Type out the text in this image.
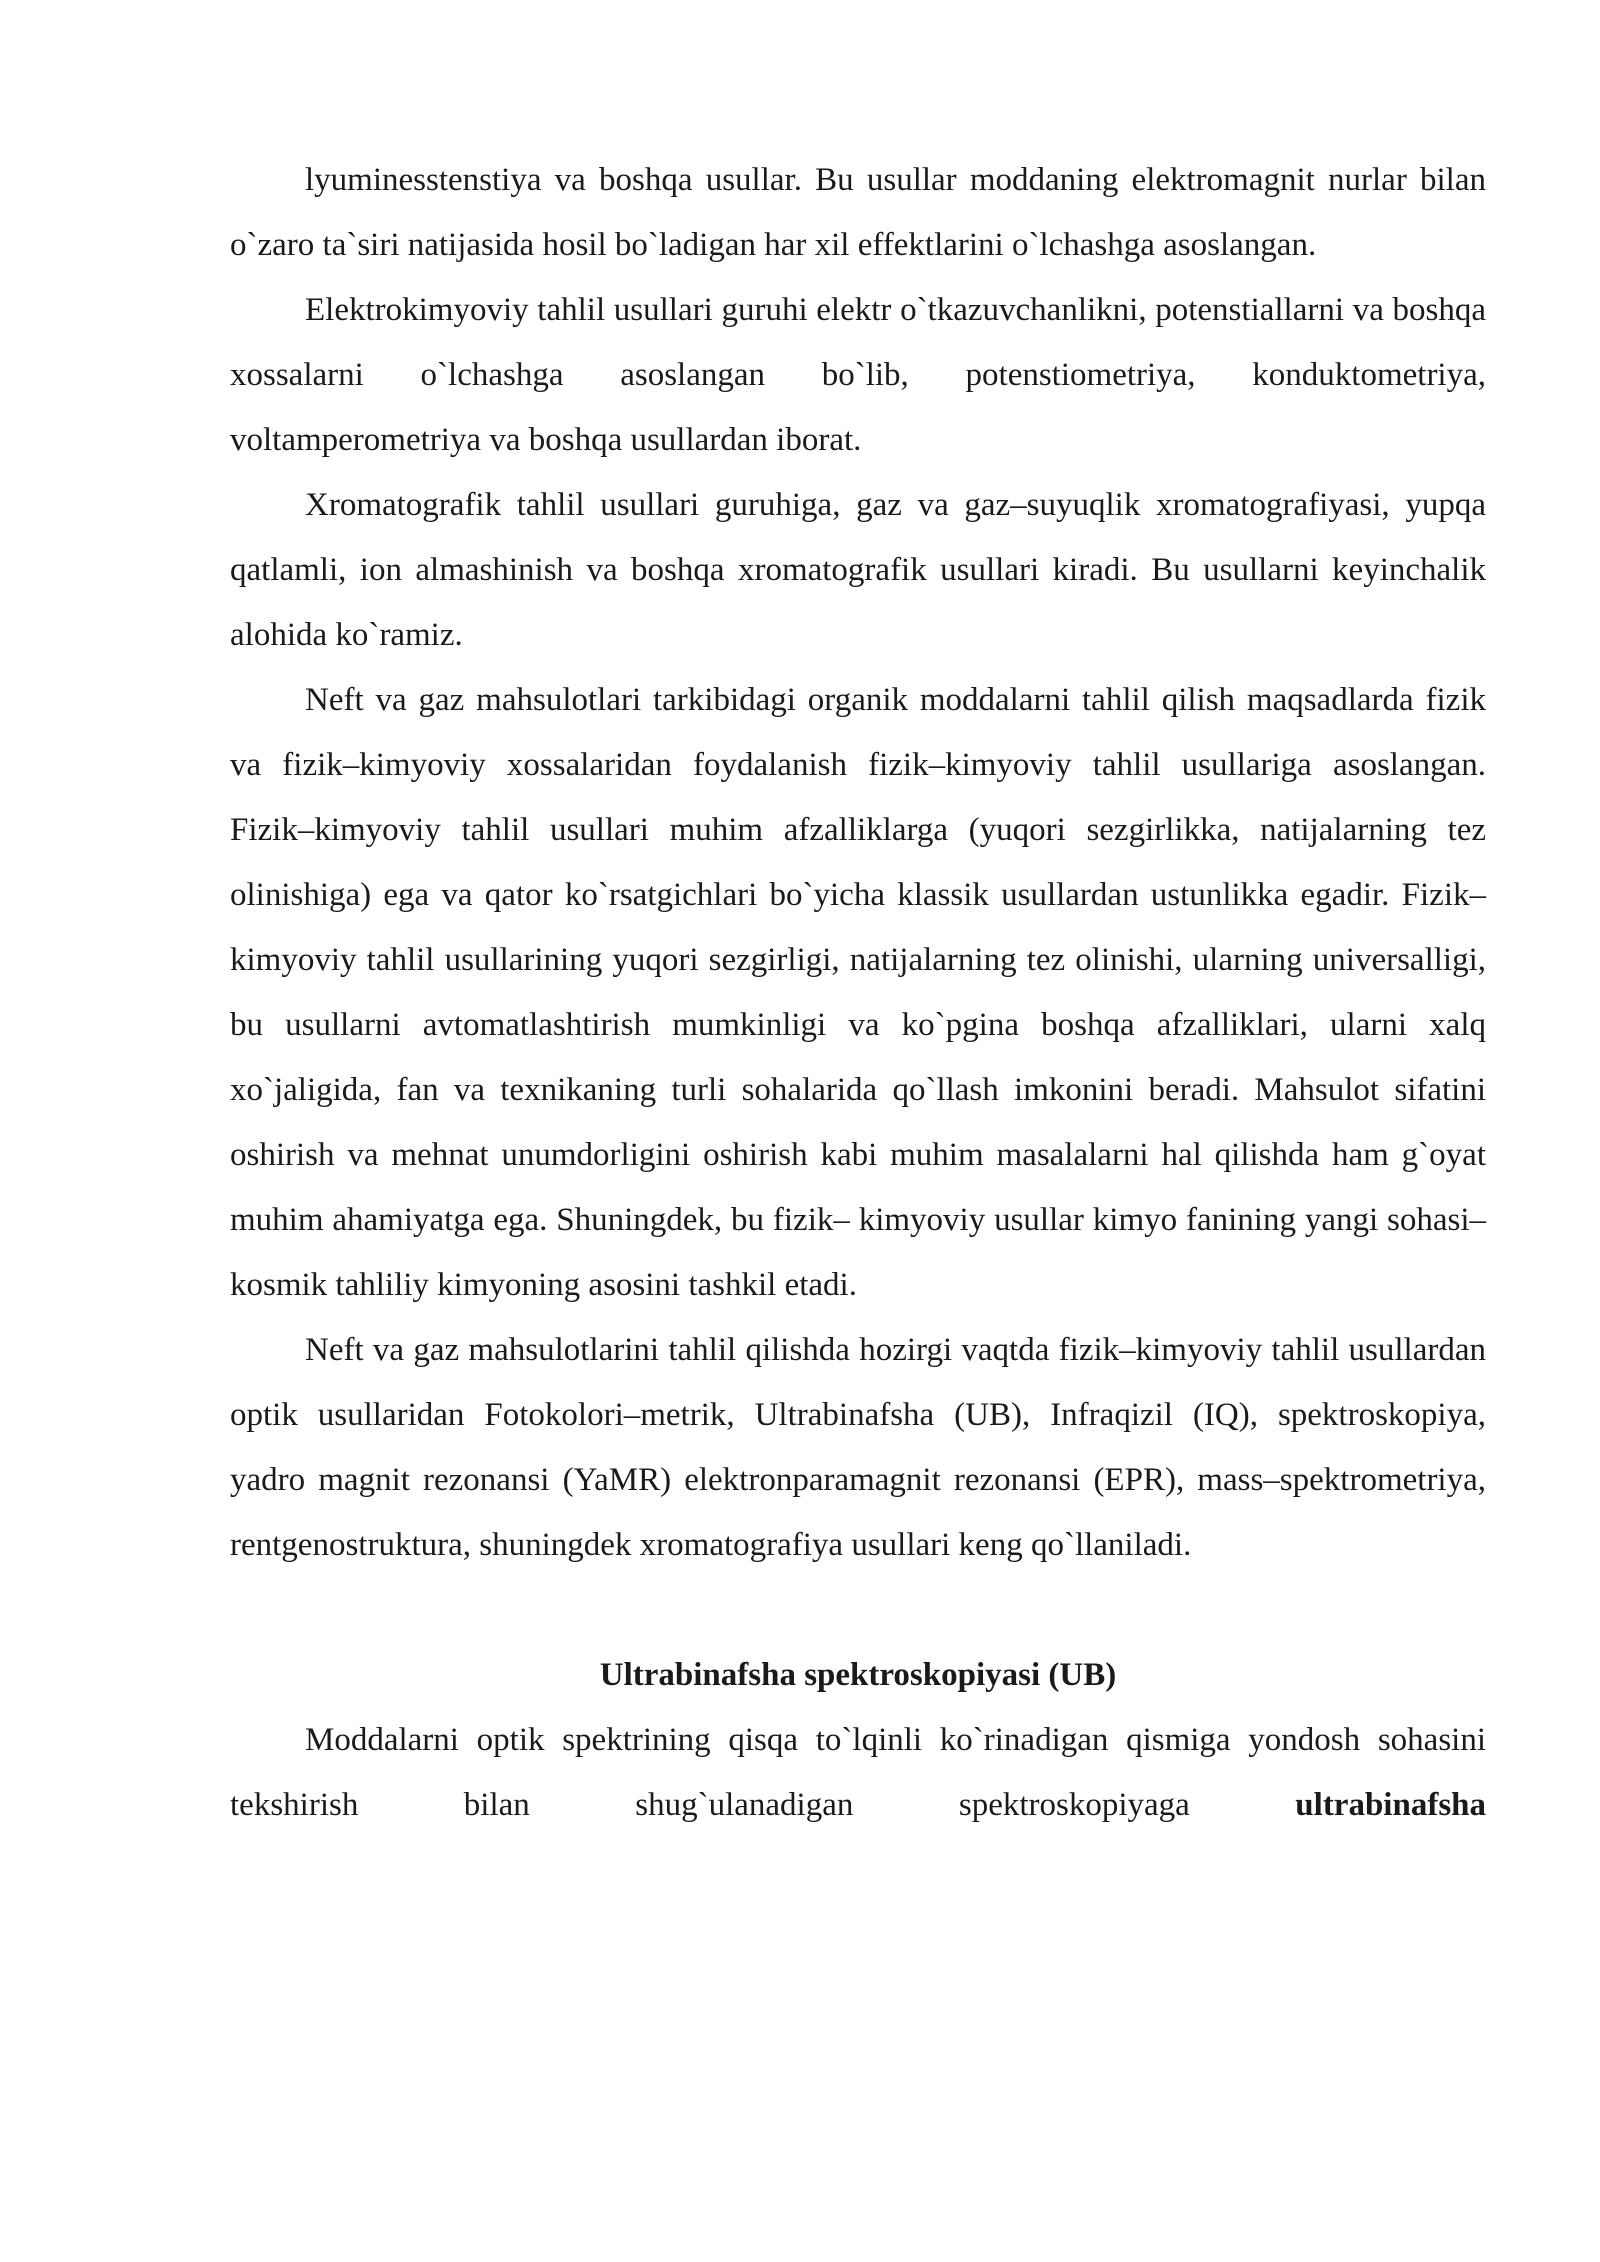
lyuminesstenstiya va boshqa usullar. Bu usullar moddaning elektromagnit nurlar bilan o`zaro ta`siri natijasida hosil bo`ladigan har xil effektlarini o`lchashga asoslangan.

Elektrokimyoviy tahlil usullari guruhi elektr o`tkazuvchanlikni, potenstiallarni va boshqa xossalarni o`lchashga asoslangan bo`lib, potenstiometriya, konduktometriya, voltamperometriya va boshqa usullardan iborat.

Xromatografik tahlil usullari guruhiga, gaz va gaz–suyuqlik xromatografiyasi, yupqa qatlamli, ion almashinish va boshqa xromatografik usullari kiradi. Bu usullarni keyinchalik alohida ko`ramiz.

Neft va gaz mahsulotlari tarkibidagi organik moddalarni tahlil qilish maqsadlarda fizik va fizik–kimyoviy xossalaridan foydalanish fizik–kimyoviy tahlil usullariga asoslangan. Fizik–kimyoviy tahlil usullari muhim afzalliklarga (yuqori sezgirlikka, natijalarning tez olinishiga) ega va qator ko`rsatgichlari bo`yicha klassik usullardan ustunlikka egadir. Fizik–kimyoviy tahlil usullarining yuqori sezgirligi, natijalarning tez olinishi, ularning universalligi, bu usullarni avtomatlashtirish mumkinligi va ko`pgina boshqa afzalliklari, ularni xalq xo`jaligida, fan va texnikaning turli sohalarida qo`llash imkonini beradi. Mahsulot sifatini oshirish va mehnat unumdorligini oshirish kabi muhim masalalarni hal qilishda ham g`oyat muhim ahamiyatga ega. Shuningdek, bu fizik– kimyoviy usullar kimyo fanining yangi sohasi–kosmik tahliliy kimyoning asosini tashkil etadi.

Neft va gaz mahsulotlarini tahlil qilishda hozirgi vaqtda fizik–kimyoviy tahlil usullardan optik usullaridan Fotokolori–metrik, Ultrabinafsha (UB), Infraqizil (IQ), spektroskopiya, yadro magnit rezonansi (YaMR) elektronparamagnit rezonansi (EPR), mass–spektrometriya, rentgenostruktura, shuningdek xromatografiya usullari keng qo`llaniladi.

Ultrabinafsha spektroskopiyasi (UB)

Moddalarni optik spektrining qisqa to`lqinli ko`rinadigan qismiga yondosh sohasini tekshirish bilan shug`ulanadigan spektroskopiyaga	ultrabinafsha
